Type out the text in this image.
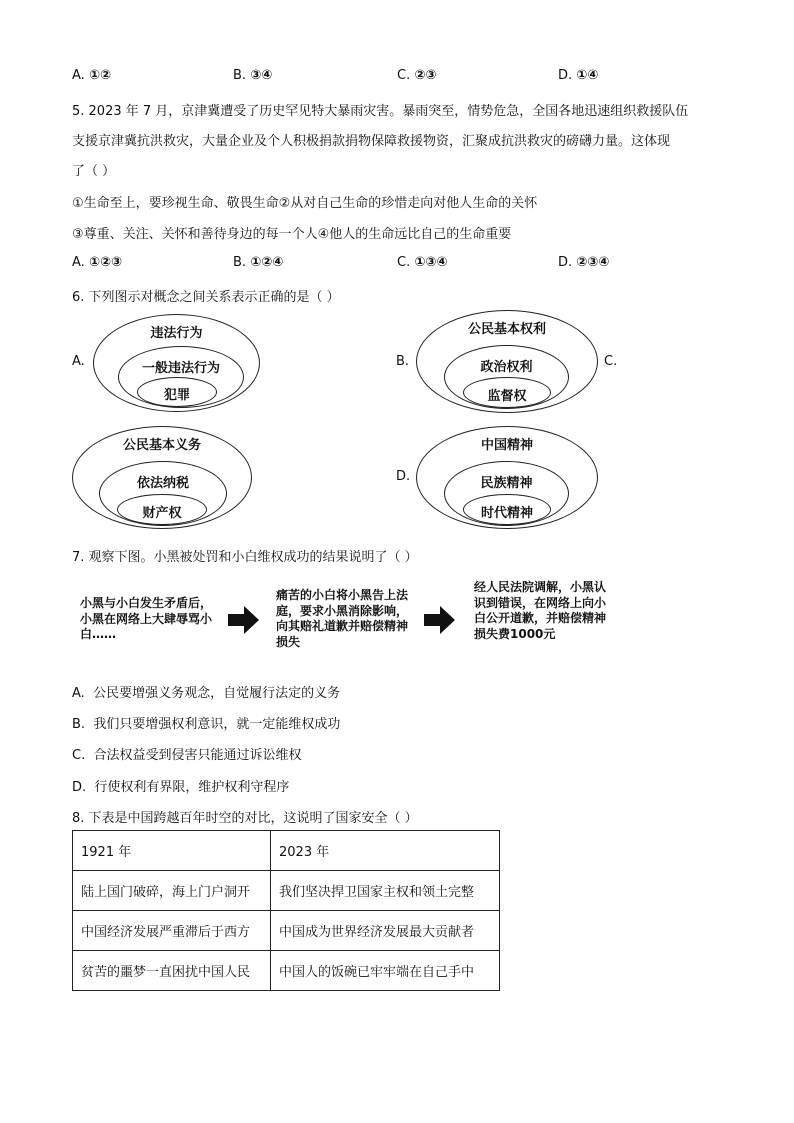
A. ①②	B. ③④	C. ②③	D. ①④
5. 2023 年 7 月，京津冀遭受了历史罕见特大暴雨灾害。暴雨突至，情势危急，全国各地迅速组织救援队伍
支援京津冀抗洪救灾，大量企业及个人积极捐款捐物保障救援物资，汇聚成抗洪救灾的磅礴力量。这体现
了（ ）
①生命至上，要珍视生命、敬畏生命②从对自己生命的珍惜走向对他人生命的关怀
③尊重、关注、关怀和善待身边的每一个人④他人的生命远比自己的生命重要
A. ①②③	B. ①②④	C. ①③④	D. ②③④
6. 下列图示对概念之间关系表示正确的是（ ）
A.
违法行为
一般违法行为
犯罪
B.
公民基本权利
政治权利
监督权
C.
公民基本义务
依法纳税
财产权
D.
中国精神
民族精神
时代精神
7. 观察下图。小黑被处罚和小白维权成功的结果说明了（ ）
小黑与小白发生矛盾后，小黑在网络上大肆辱骂小白……
痛苦的小白将小黑告上法庭，要求小黑消除影响，向其赔礼道歉并赔偿精神损失
经人民法院调解，小黑认识到错误，在网络上向小白公开道歉，并赔偿精神损失费1000元
A. 公民要增强义务观念，自觉履行法定的义务
B. 我们只要增强权利意识，就一定能维权成功
C. 合法权益受到侵害只能通过诉讼维权
D. 行使权利有界限，维护权利守程序
8. 下表是中国跨越百年时空的对比，这说明了国家安全（ ）
1921 年	2023 年
陆上国门破碎，海上门户洞开	我们坚决捍卫国家主权和领土完整
中国经济发展严重滞后于西方	中国成为世界经济发展最大贡献者
贫苦的噩梦一直困扰中国人民	中国人的饭碗已牢牢端在自己手中
